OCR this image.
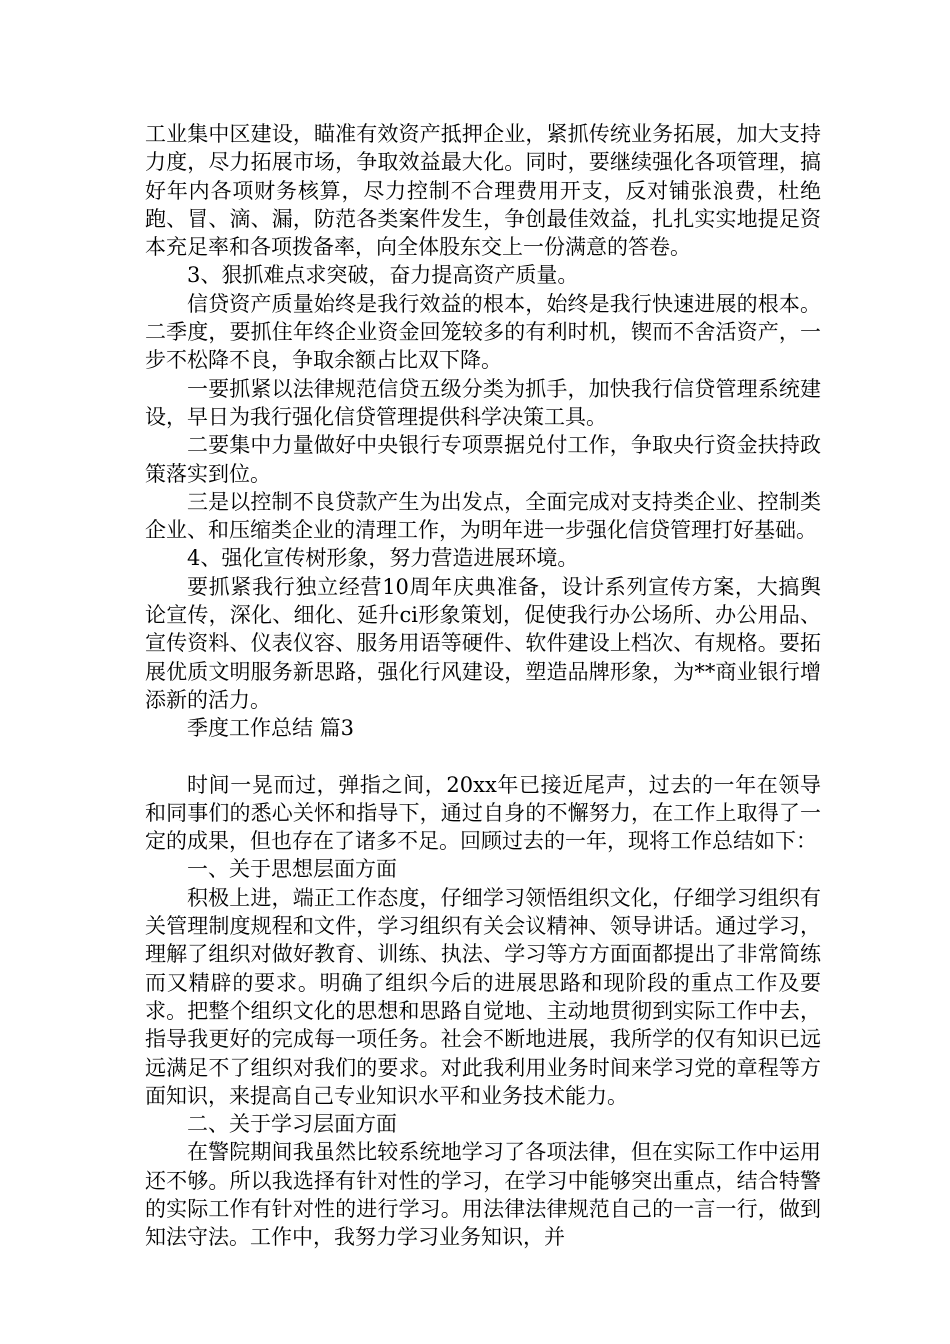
工业集中区建设，瞄准有效资产抵押企业，紧抓传统业务拓展，加大支持力度，尽力拓展市场，争取效益最大化。同时，要继续强化各项管理，搞好年内各项财务核算，尽力控制不合理费用开支，反对铺张浪费，杜绝跑、冒、滴、漏，防范各类案件发生，争创最佳效益，扎扎实实地提足资本充足率和各项拨备率，向全体股东交上一份满意的答卷。

3、狠抓难点求突破，奋力提高资产质量。

信贷资产质量始终是我行效益的根本，始终是我行快速进展的根本。二季度，要抓住年终企业资金回笼较多的有利时机，锲而不舍活资产，一步不松降不良，争取余额占比双下降。

一要抓紧以法律规范信贷五级分类为抓手，加快我行信贷管理系统建设，早日为我行强化信贷管理提供科学决策工具。

二要集中力量做好中央银行专项票据兑付工作，争取央行资金扶持政策落实到位。

三是以控制不良贷款产生为出发点，全面完成对支持类企业、控制类企业、和压缩类企业的清理工作，为明年进一步强化信贷管理打好基础。

4、强化宣传树形象，努力营造进展环境。

要抓紧我行独立经营10周年庆典准备，设计系列宣传方案，大搞舆论宣传，深化、细化、延升ci形象策划，促使我行办公场所、办公用品、宣传资料、仪表仪容、服务用语等硬件、软件建设上档次、有规格。要拓展优质文明服务新思路，强化行风建设，塑造品牌形象，为**商业银行增添新的活力。

季度工作总结 篇3

时间一晃而过，弹指之间，20xx年已接近尾声，过去的一年在领导和同事们的悉心关怀和指导下，通过自身的不懈努力，在工作上取得了一定的成果，但也存在了诸多不足。回顾过去的一年，现将工作总结如下：

一、关于思想层面方面

积极上进，端正工作态度，仔细学习领悟组织文化，仔细学习组织有关管理制度规程和文件，学习组织有关会议精神、领导讲话。通过学习，理解了组织对做好教育、训练、执法、学习等方方面面都提出了非常简练而又精辟的要求。明确了组织今后的进展思路和现阶段的重点工作及要求。把整个组织文化的思想和思路自觉地、主动地贯彻到实际工作中去，指导我更好的完成每一项任务。社会不断地进展，我所学的仅有知识已远远满足不了组织对我们的要求。对此我利用业务时间来学习党的章程等方面知识，来提高自己专业知识水平和业务技术能力。

二、关于学习层面方面

在警院期间我虽然比较系统地学习了各项法律，但在实际工作中运用还不够。所以我选择有针对性的学习，在学习中能够突出重点，结合特警的实际工作有针对性的进行学习。用法律法律规范自己的一言一行，做到知法守法。工作中，我努力学习业务知识，并
